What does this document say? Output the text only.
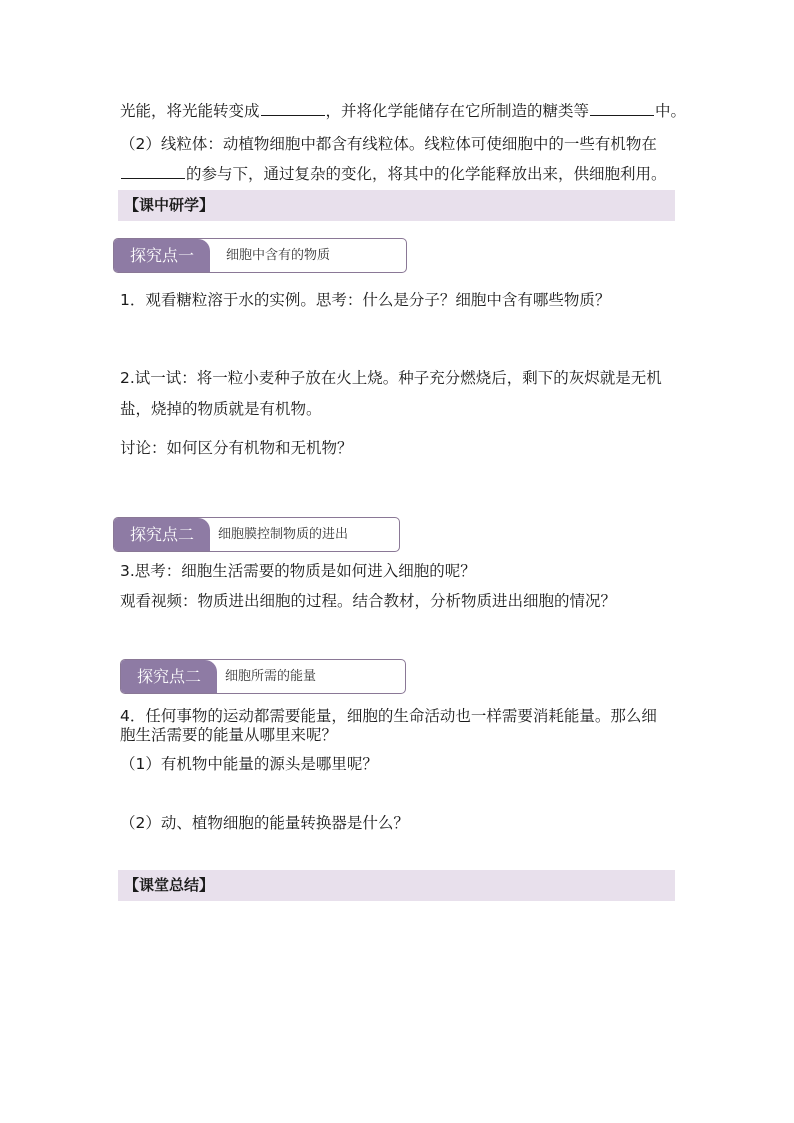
光能，将光能转变成	，并将化学能储存在它所制造的糖类等	中。
（2）线粒体：动植物细胞中都含有线粒体。线粒体可使细胞中的一些有机物在
的参与下，通过复杂的变化，将其中的化学能释放出来，供细胞利用。
【课中研学】
探究点一	细胞中含有的物质
1．观看糖粒溶于水的实例。思考：什么是分子？细胞中含有哪些物质？
2.试一试：将一粒小麦种子放在火上烧。种子充分燃烧后，剩下的灰烬就是无机
盐，烧掉的物质就是有机物。
讨论：如何区分有机物和无机物？
探究点二	细胞膜控制物质的进出
3.思考：细胞生活需要的物质是如何进入细胞的呢？
观看视频：物质进出细胞的过程。结合教材，分析物质进出细胞的情况？
探究点二	细胞所需的能量
4．任何事物的运动都需要能量，细胞的生命活动也一样需要消耗能量。那么细
胞生活需要的能量从哪里来呢？
（1）有机物中能量的源头是哪里呢？
（2）动、植物细胞的能量转换器是什么？
【课堂总结】
